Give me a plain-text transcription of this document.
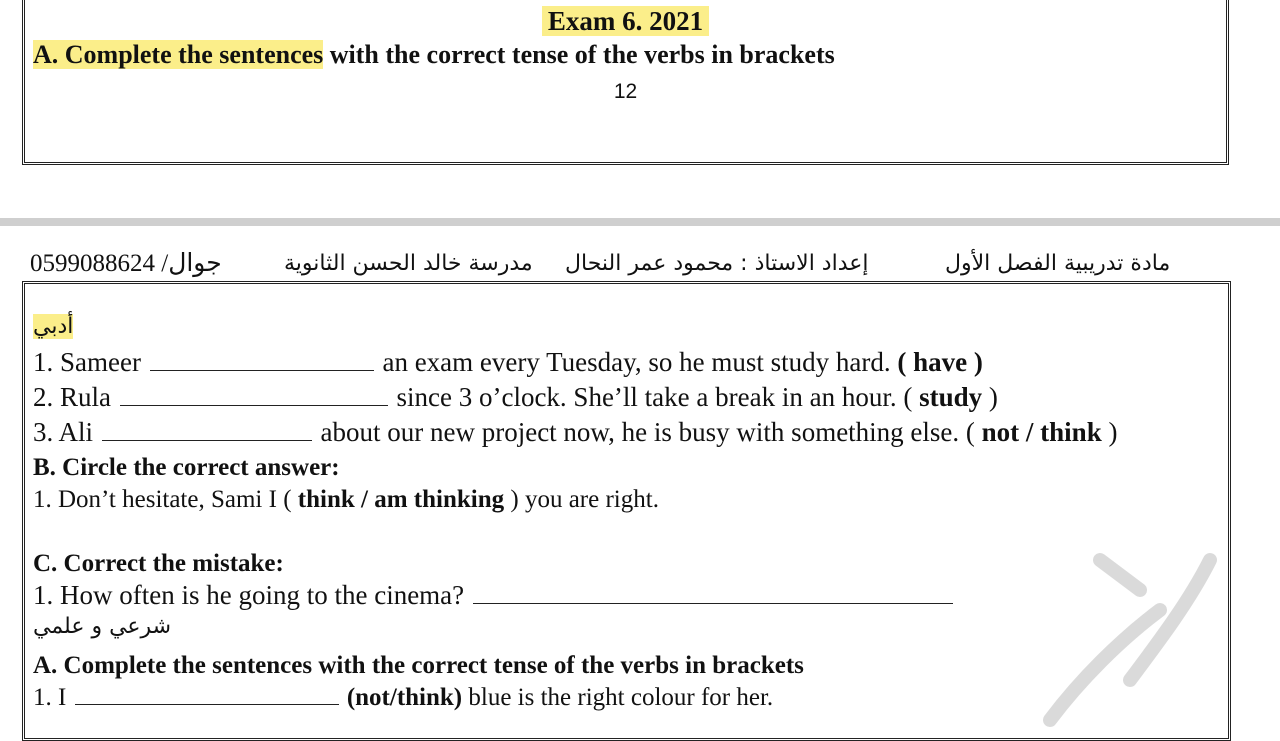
Exam 6. 2021
A. Complete the sentences with the correct tense of the verbs in brackets
12
جوال/ 0599088624	مدرسة خالد الحسن الثانوية إعداد الاستاذ : محمود عمر النحال	مادة تدريبية الفصل الأول
أدبي
1. Sameer	an exam every Tuesday, so he must study hard. ( have )
2. Rula	since 3 o’clock. She’ll take a break in an hour. ( study )
3. Ali	about our new project now, he is busy with something else. ( not / think )
B. Circle the correct answer:
1. Don’t hesitate, Sami I ( think / am thinking ) you are right.
C. Correct the mistake:
1. How often is he going to the cinema?
شرعي و علمي
A. Complete the sentences with the correct tense of the verbs in brackets
1. I	(not/think) blue is the right colour for her.
